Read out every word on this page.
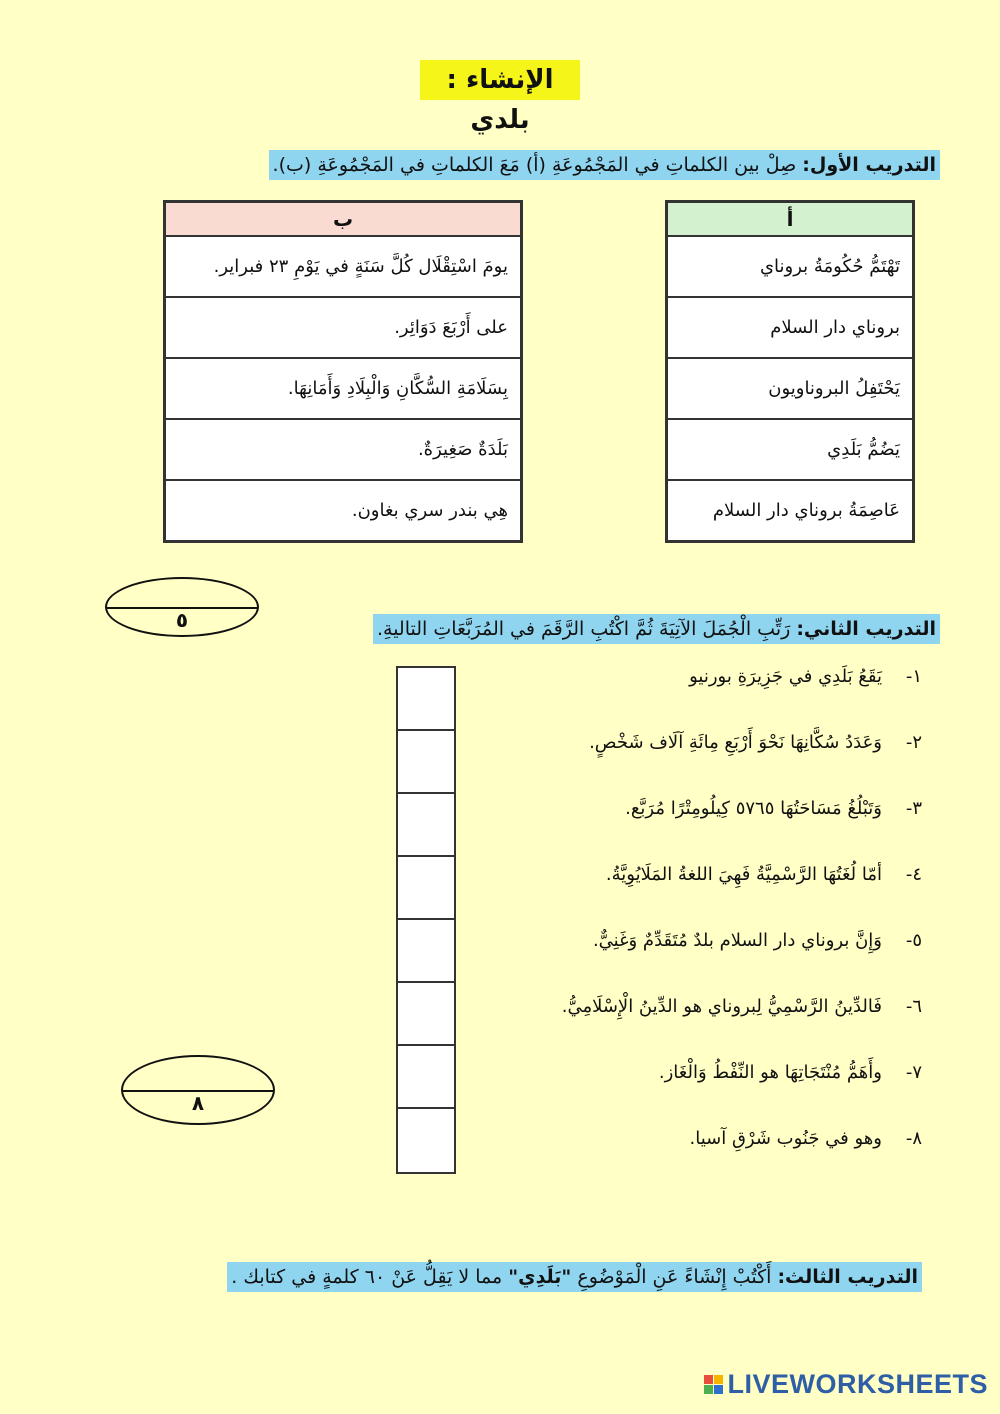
الإنشاء : بلدي
التدريب الأول: صِلْ بين الكلماتِ في المَجْمُوعَةِ (أ) مَعَ الكلماتِ في المَجْمُوعَةِ (ب).
أ
تَهْتَمُّ حُكُومَةُ بروناي
بروناي دار السلام
يَحْتَفِلُ البروناويون
يَضُمُّ بَلَدِي
عَاصِمَةُ بروناي دار السلام
ب
يومَ اسْتِقْلَال كُلَّ سَنَةٍ في يَوْمِ ٢٣ فبراير.
على أَرْبَعَ دَوَائِر.
بِسَلَامَةِ السُّكَّانِ وَالْبِلَادِ وَأَمَانِهَا.
بَلَدَةٌ صَغِيرَةٌ.
هِي بندر سري بغاون.
٥	التدريب الثاني: رَتِّبِ الْجُمَلَ الآتِيَةَ ثُمَّ اكْتُبِ الرَّقَمَ في المُرَبَّعَاتِ التاليةِ.
١-
يَقَعُ بَلَدِي في جَزِيرَةِ بورنيو
٢-
وَعَدَدُ سُكَّانِهَا نَحْوَ أَرْبَعِ مِائَةِ آلَاف شَخْصٍ.
٣-
وَتَبْلُغُ مَسَاحَتُهَا ٥٧٦٥ كِيلُومِتْرًا مُرَبَّع.
٤-
أمّا لُغَتُهَا الرَّسْمِيَّةُ فَهِيَ اللغةُ المَلَايُوِيَّةُ.
٥-
وَإِنَّ بروناي دار السلام بلدٌ مُتَقَدِّمٌ وَغَنِيٌّ.
٦-
فَالدِّينُ الرَّسْمِيُّ لِبروناي هو الدِّينُ الْإِسْلَامِيُّ.
٧-
وأَهَمُّ مُنْتَجَاتِهَا هو النِّفْطُ وَالْغَاز.
٨-
وهو في جَنُوب شَرْقِ آسيا.
٨
التدريب الثالث: أَكْتُبْ إِنْشَاءً عَنِ الْمَوْضُوعِ "بَلَدِي" مما لا يَقِلُّ عَنْ ٦٠ كلمةٍ في كتابك .
LIVEWORKSHEETS
